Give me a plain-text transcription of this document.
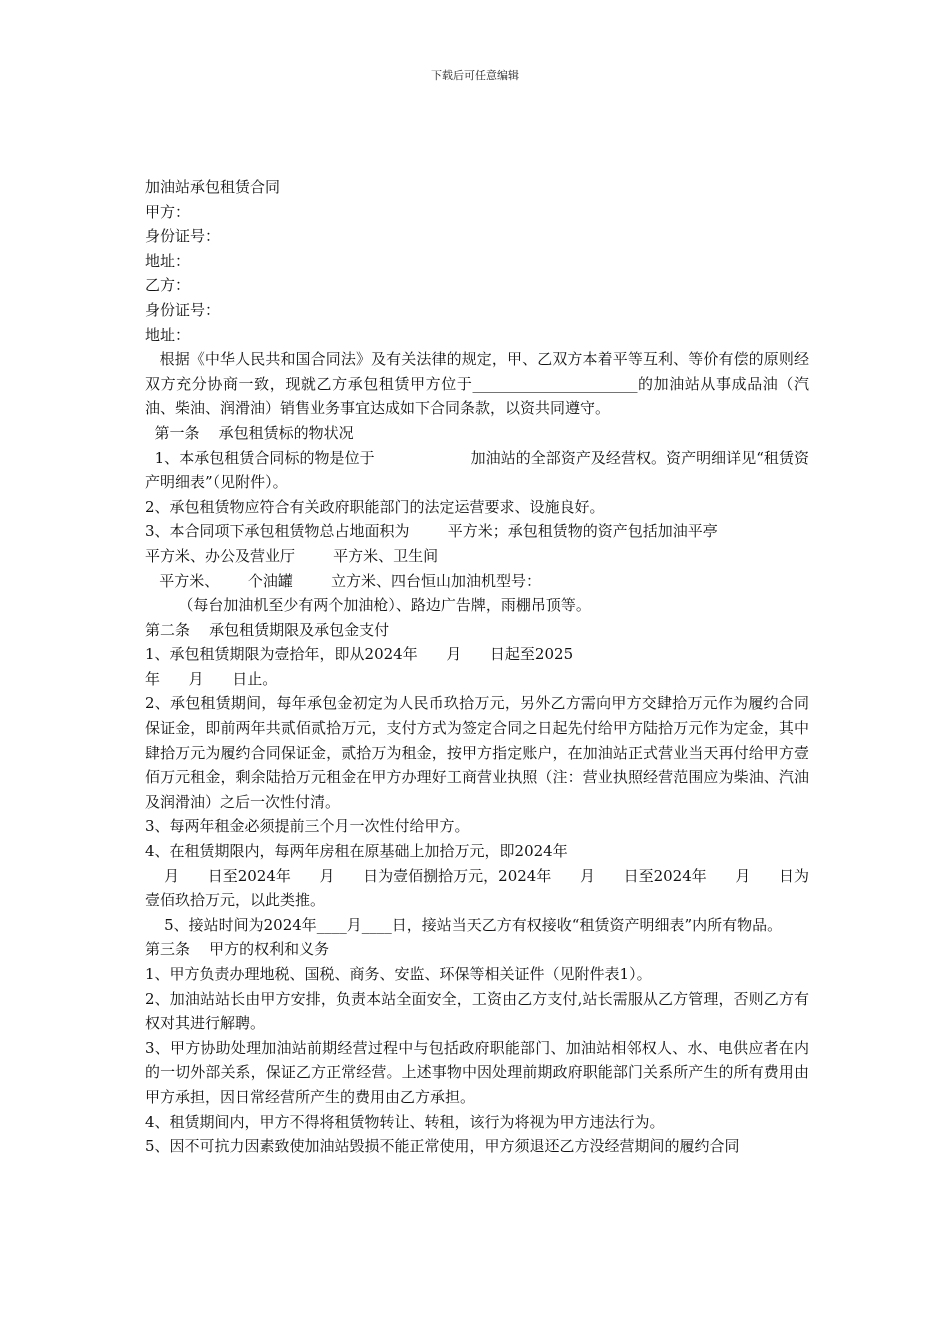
下载后可任意编辑
加油站承包租赁合同
甲方：
身份证号：
地址：
乙方：
身份证号：
地址：
根据《中华人民共和国合同法》及有关法律的规定，甲、乙双方本着平等互利、等价有偿的原则经双方充分协商一致，现就乙方承包租赁甲方位于______________________的加油站从事成品油（汽油、柴油、润滑油）销售业务事宜达成如下合同条款，以资共同遵守。
第一条    承包租赁标的物状况
1、本承包租赁合同标的物是位于                    加油站的全部资产及经营权。资产明细详见“租赁资产明细表”（见附件）。
2、承包租赁物应符合有关政府职能部门的法定运营要求、设施良好。
3、本合同项下承包租赁物总占地面积为        平方米；承包租赁物的资产包括加油平亭
平方米、办公及营业厅        平方米、卫生间
平方米、      个油罐        立方米、四台恒山加油机型号：
（每台加油机至少有两个加油枪）、路边广告牌，雨棚吊顶等。
第二条    承包租赁期限及承包金支付
1、承包租赁期限为壹拾年，即从2024年      月      日起至2025
年      月      日止。
2、承包租赁期间，每年承包金初定为人民币玖拾万元，另外乙方需向甲方交肆拾万元作为履约合同保证金，即前两年共贰佰贰拾万元，支付方式为签定合同之日起先付给甲方陆拾万元作为定金，其中肆拾万元为履约合同保证金，贰拾万为租金，按甲方指定账户，在加油站正式营业当天再付给甲方壹佰万元租金，剩余陆拾万元租金在甲方办理好工商营业执照（注：营业执照经营范围应为柴油、汽油及润滑油）之后一次性付清。
3、每两年租金必须提前三个月一次性付给甲方。
4、在租赁期限内，每两年房租在原基础上加拾万元，即2024年
月      日至2024年      月      日为壹佰捌拾万元，2024年      月      日至2024年      月      日为壹佰玖拾万元，以此类推。
5、接站时间为2024年____月____日，接站当天乙方有权接收“租赁资产明细表”内所有物品。
第三条    甲方的权利和义务
1、甲方负责办理地税、国税、商务、安监、环保等相关证件（见附件表1）。
2、加油站站长由甲方安排，负责本站全面安全，工资由乙方支付,站长需服从乙方管理，否则乙方有权对其进行解聘。
3、甲方协助处理加油站前期经营过程中与包括政府职能部门、加油站相邻权人、水、电供应者在内的一切外部关系，保证乙方正常经营。上述事物中因处理前期政府职能部门关系所产生的所有费用由甲方承担，因日常经营所产生的费用由乙方承担。
4、租赁期间内，甲方不得将租赁物转让、转租，该行为将视为甲方违法行为。
5、因不可抗力因素致使加油站毁损不能正常使用，甲方须退还乙方没经营期间的履约合同
